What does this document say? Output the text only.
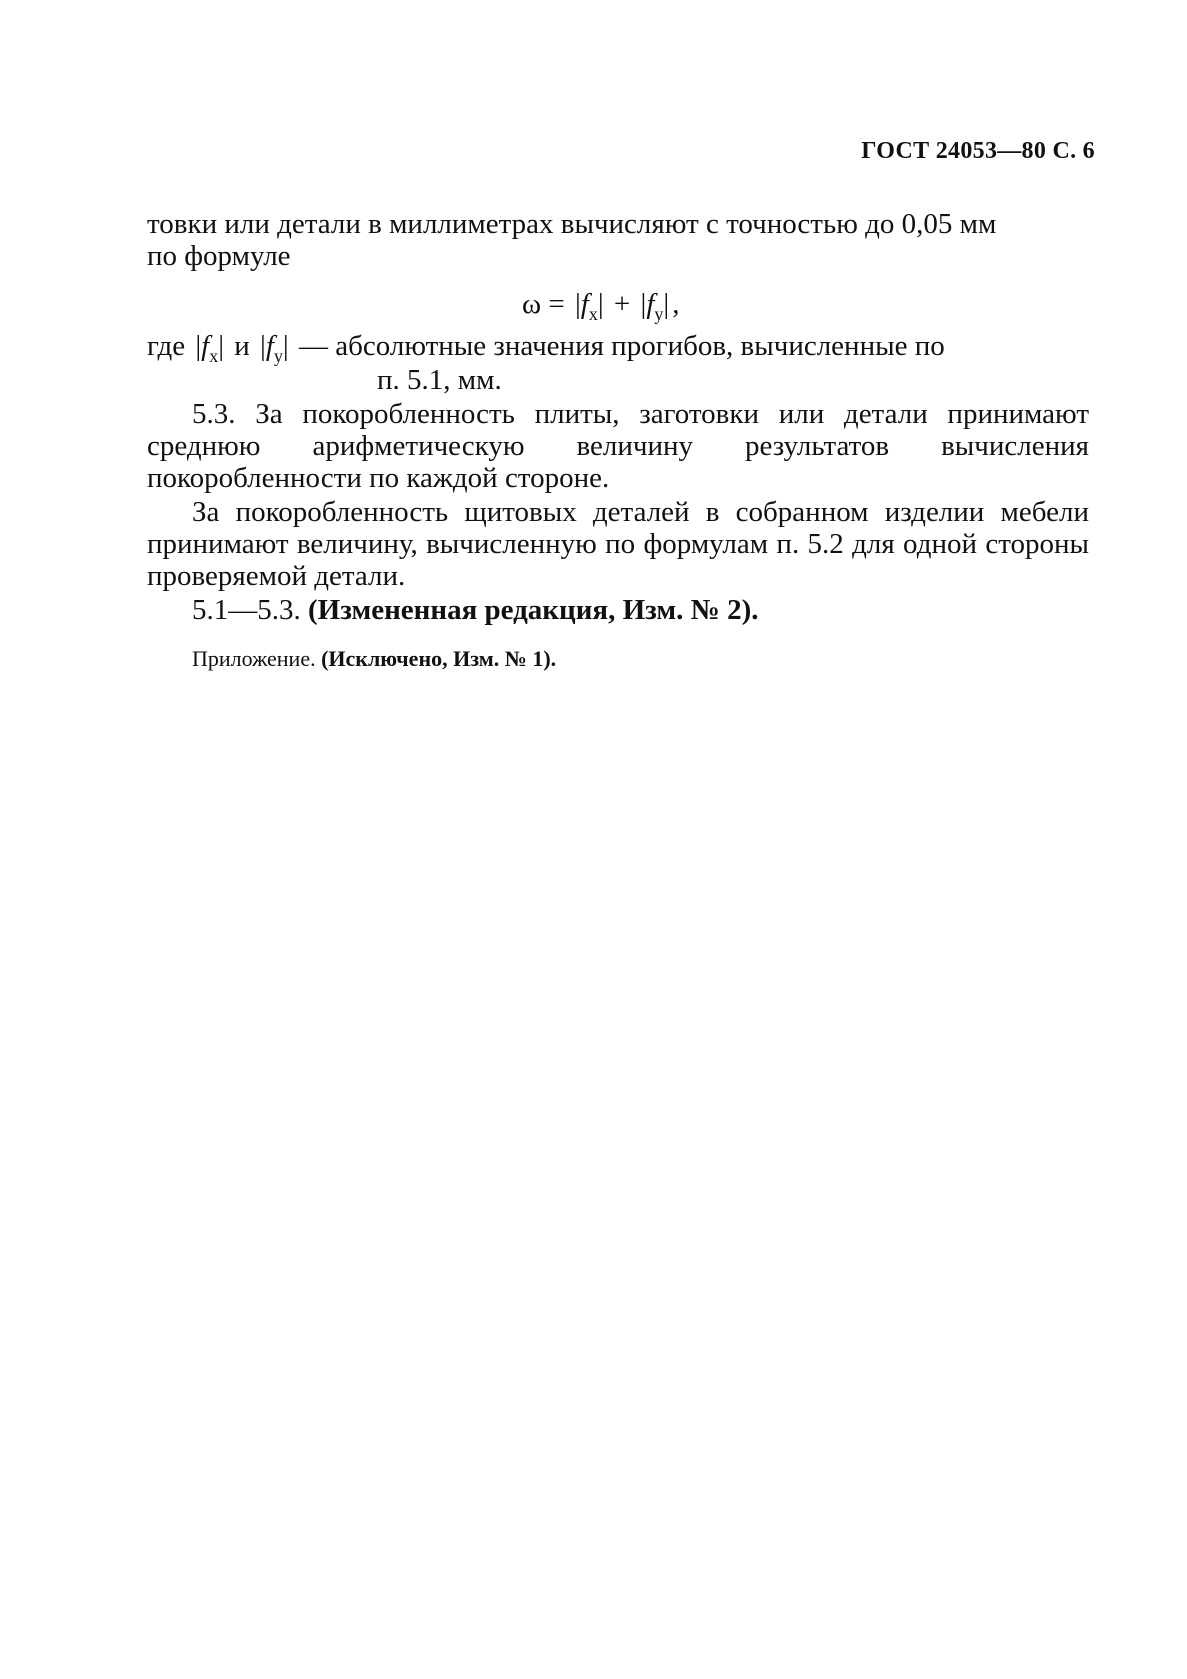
ГОСТ 24053—80 С. 6

товки или детали в миллиметрах вычисляют с точностью до 0,05 мм

по формуле

$\omega = |f_x| + |f_y|$ ,
где $|f_x|$ и $|f_y|$ — абсолютные значения прогибов, вычисленные по
п. 5.1, мм.

5.3. За покоробленность плиты, заготовки или детали принимают среднюю арифметическую величину результатов вычисления покоробленности по каждой стороне.

За покоробленность щитовых деталей в собранном изделии мебели принимают величину, вычисленную по формулам п. 5.2 для одной стороны проверяемой детали.

5.1—5.3. (Измененная редакция, Изм. № 2).

Приложение. (Исключено, Изм. № 1).
